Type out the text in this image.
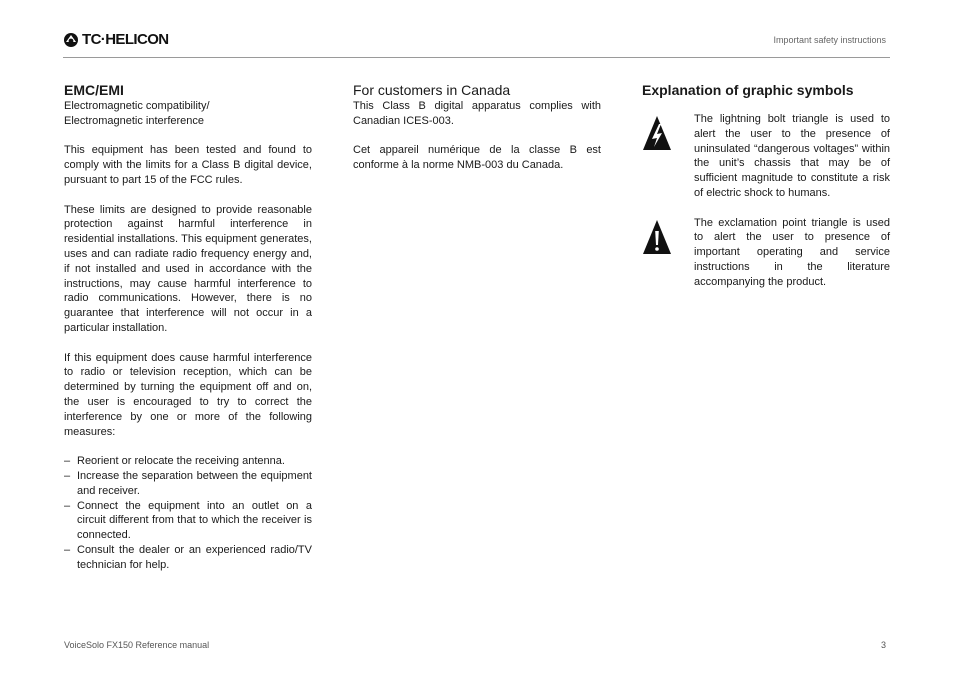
TC·HELICON	Important safety instructions
EMC/EMI
Electromagnetic compatibility/
Electromagnetic interference

This equipment has been tested and found to comply with the limits for a Class B digital device, pursuant to part 15 of the FCC rules.

These limits are designed to provide reasonable protection against harmful interference in residential installations. This equipment generates, uses and can radiate radio frequency energy and, if not installed and used in accordance with the instructions, may cause harmful interference to radio communications. However, there is no guarantee that interference will not occur in a particular installation.

If this equipment does cause harmful interference to radio or television reception, which can be determined by turning the equipment off and on, the user is encouraged to try to correct the interference by one or more of the following measures:

– Reorient or relocate the receiving antenna.
– Increase the separation between the equipment and receiver.
– Connect the equipment into an outlet on a circuit different from that to which the receiver is connected.
– Consult the dealer or an experienced radio/TV technician for help.
For customers in Canada

This Class B digital apparatus complies with Canadian ICES-003.

Cet appareil numérique de la classe B est conforme à la norme NMB-003 du Canada.

Explanation of graphic symbols
The lightning bolt triangle is used to alert the user to the presence of uninsulated “dangerous voltages” within the unit’s chassis that may be of sufficient magnitude to constitute a risk of electric shock to humans.
The exclamation point triangle is used to alert the user to presence of important operating and service instructions in the literature accompanying the product.
VoiceSolo FX150 Reference manual	3
